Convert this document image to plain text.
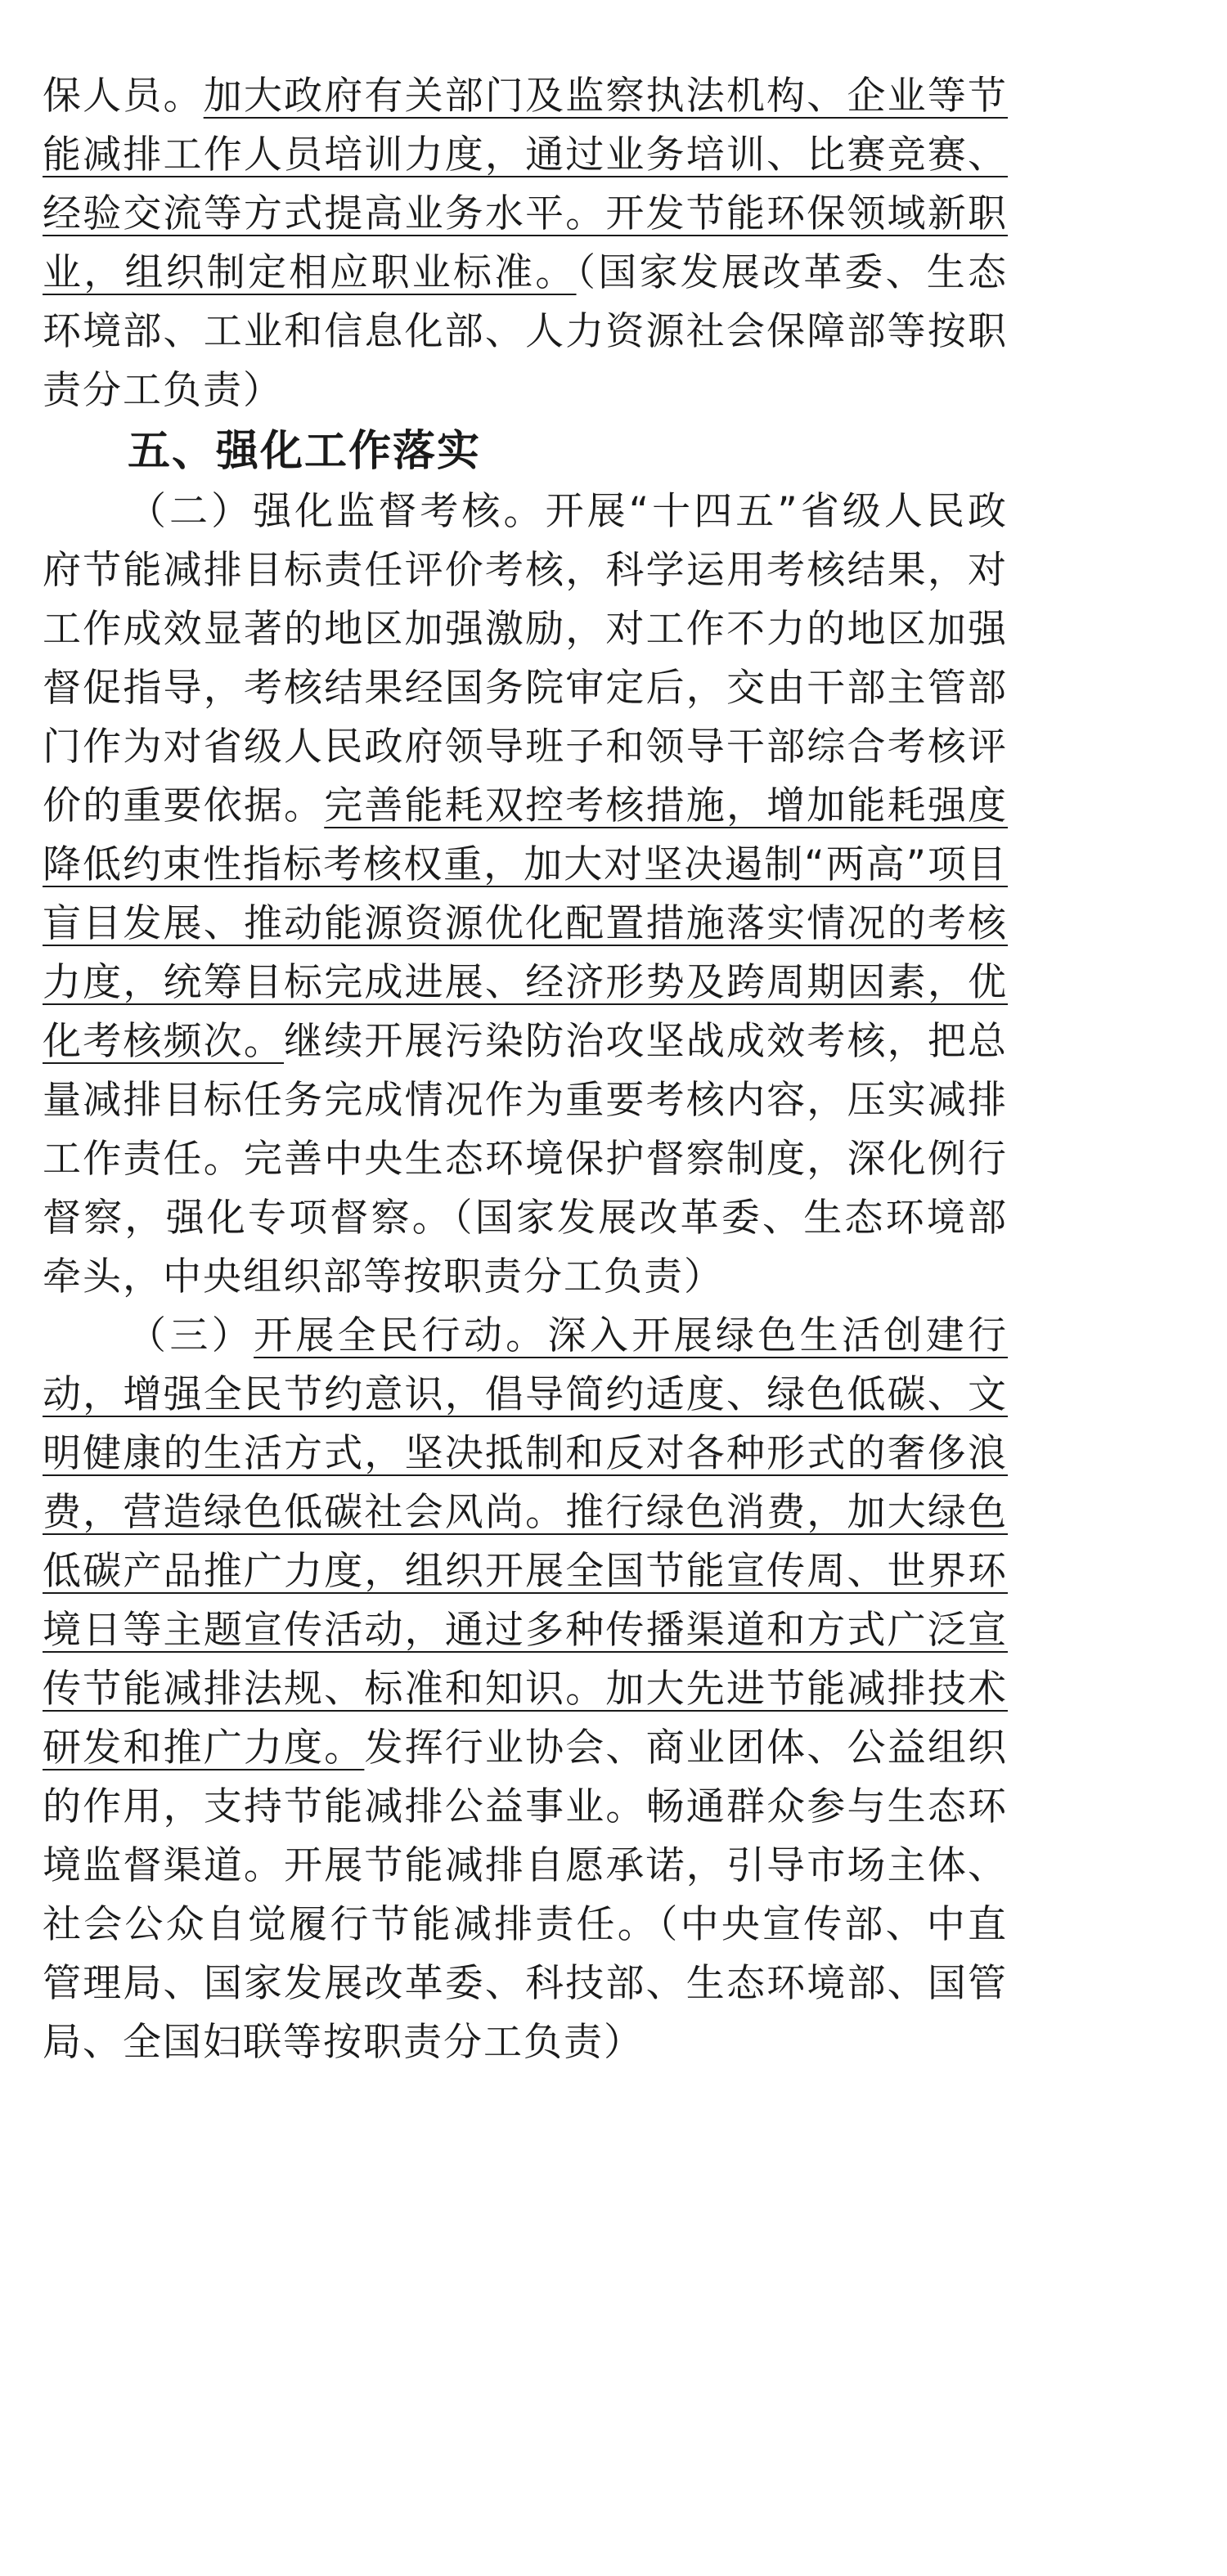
保人员。加大政府有关部门及监察执法机构、企业等节能减排工作人员培训力度，通过业务培训、比赛竞赛、经验交流等方式提高业务水平。开发节能环保领域新职业，组织制定相应职业标准。（国家发展改革委、生态环境部、工业和信息化部、人力资源社会保障部等按职责分工负责）

五、强化工作落实

（二）强化监督考核。开展“十四五”省级人民政府节能减排目标责任评价考核，科学运用考核结果，对工作成效显著的地区加强激励，对工作不力的地区加强督促指导，考核结果经国务院审定后，交由干部主管部门作为对省级人民政府领导班子和领导干部综合考核评价的重要依据。完善能耗双控考核措施，增加能耗强度降低约束性指标考核权重，加大对坚决遏制“两高”项目盲目发展、推动能源资源优化配置措施落实情况的考核力度，统筹目标完成进展、经济形势及跨周期因素，优化考核频次。继续开展污染防治攻坚战成效考核，把总量减排目标任务完成情况作为重要考核内容，压实减排工作责任。完善中央生态环境保护督察制度，深化例行督察，强化专项督察。（国家发展改革委、生态环境部牵头，中央组织部等按职责分工负责）

（三）开展全民行动。深入开展绿色生活创建行动，增强全民节约意识，倡导简约适度、绿色低碳、文明健康的生活方式，坚决抵制和反对各种形式的奢侈浪费，营造绿色低碳社会风尚。推行绿色消费，加大绿色低碳产品推广力度，组织开展全国节能宣传周、世界环境日等主题宣传活动，通过多种传播渠道和方式广泛宣传节能减排法规、标准和知识。加大先进节能减排技术研发和推广力度。发挥行业协会、商业团体、公益组织的作用，支持节能减排公益事业。畅通群众参与生态环境监督渠道。开展节能减排自愿承诺，引导市场主体、社会公众自觉履行节能减排责任。（中央宣传部、中直管理局、国家发展改革委、科技部、生态环境部、国管局、全国妇联等按职责分工负责）
